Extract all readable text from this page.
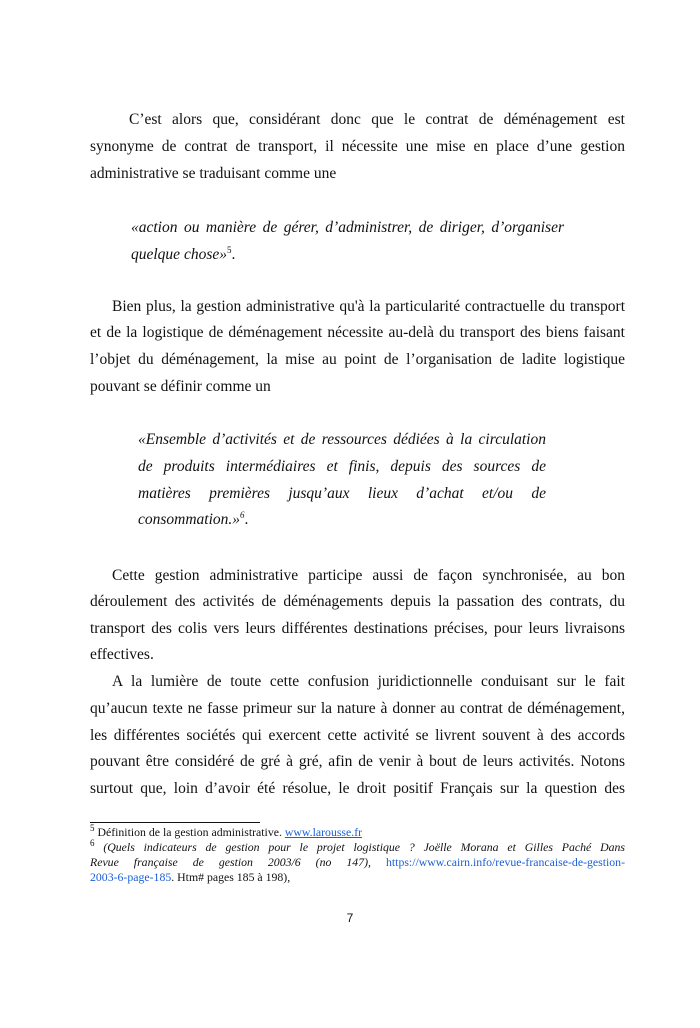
C’est alors que, considérant donc que le contrat de déménagement est
synonyme de contrat de transport, il nécessite une mise en place d’une gestion
administrative se traduisant comme une
«action ou manière de gérer, d’administrer, de diriger, d’organiser
quelque chose»$^5$.
Bien plus, la gestion administrative qu'à la particularité contractuelle du transport
et de la logistique de déménagement nécessite au-delà du transport des biens faisant
l’objet du déménagement, la mise au point de l’organisation de ladite logistique
pouvant se définir comme un
«Ensemble d’activités et de ressources dédiées à la circulation
de produits intermédiaires et finis, depuis des sources de
matières premières jusqu’aux lieux d’achat et/ou de
consommation.»$^6$.
Cette gestion administrative participe aussi de façon synchronisée, au bon
déroulement des activités de déménagements depuis la passation des contrats, du
transport des colis vers leurs différentes destinations précises, pour leurs livraisons
effectives.
A la lumière de toute cette confusion juridictionnelle conduisant sur le fait
qu’aucun texte ne fasse primeur sur la nature à donner au contrat de déménagement,
les différentes sociétés qui exercent cette activité se livrent souvent à des accords
pouvant être considéré de gré à gré, afin de venir à bout de leurs activités. Notons
surtout que, loin d’avoir été résolue, le droit positif Français sur la question des
$^5$ Définition de la gestion administrative. www.larousse.fr
$^6$ (Quels indicateurs de gestion pour le projet logistique ? Joëlle Morana et Gilles Paché Dans
Revue française de gestion 2003/6 (no 147), https://www.cairn.info/revue-francaise-de-gestion-
2003-6-page-185. Htm# pages 185 à 198),
7
